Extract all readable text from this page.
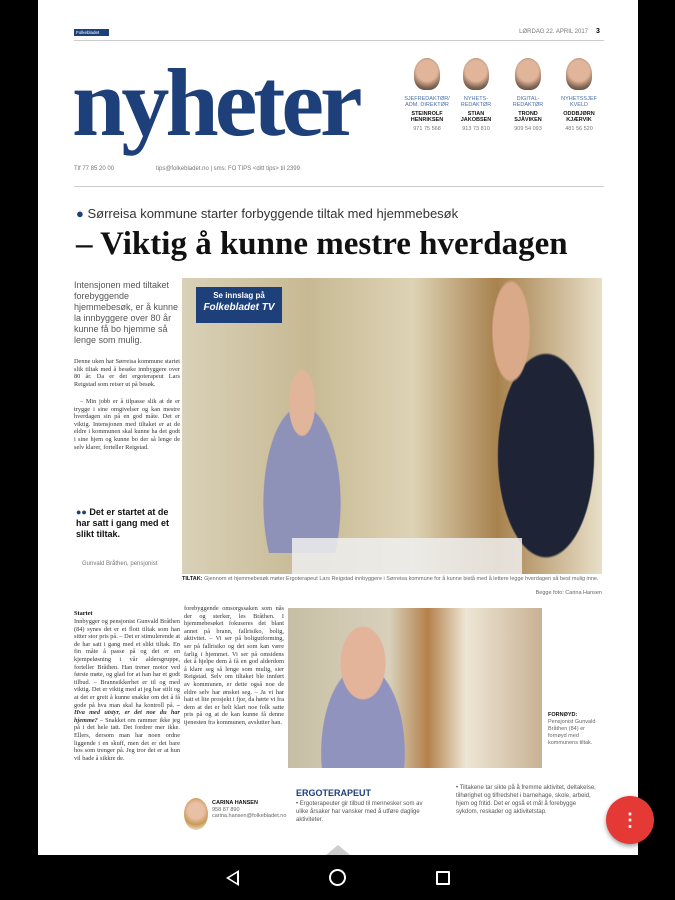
Folkebladet	LØRDAG 22. APRIL 2017 3
nyheter
Tlf 77 85 20 00	tips@folkebladet.no | sms: FO TIPS <ditt tips> til 2399
SJEFREDAKTØR/ ADM. DIREKTØR
STEINROLF HENRIKSEN
971 75 568
NYHETS- REDAKTØR
STIAN JAKOBSEN
913 73 810
DIGITAL- REDAKTØR
TROND SJÅVIKEN
909 54 093
NYHETSSJEF KVELD
ODDBJØRN KJÆRVIK
481 56 520
● Sørreisa kommune starter forbyggende tiltak med hjemmebesøk
– Viktig å kunne mestre hverdagen
Intensjonen med tiltaket forebyggende hjemmebesøk, er å kunne la innbyggere over 80 år kunne få bo hjemme så lenge som mulig.
Denne uken har Sørreisa kommune startet slik tiltak med å besøke innbyggere over 80 år. Da er det ergoterapeut Lars Reigstad som reiser ut på besøk.
– Min jobb er å tilpasse slik at de er trygge i sine omgivelser og kan mestre hverdagen sin på en god måte. Det er viktig. Intensjonen med tiltaket er at de eldre i kommunen skal kunne ha det godt i sine hjem og kunne bo der så lenge de selv klarer, forteller Reigstad.
●● Det er startet at de har satt i gang med et slikt tiltak.
Gunvald Bråthen, pensjonist
Se innslag på
Folkebladet TV
TILTAK: Gjennom et hjemmebesøk møter Ergoterapeut Lars Reigstad innbyggere i Sørreisa kommune for å kunne bistå med å lettere legge hverdagen så best mulig inne.
Begge foto: Carina Hansen
Startet
Innbygger og pensjonist Gunvald Bråthen (84) synes det er et flott tiltak som han sitter stor pris på. – Det er stimulerende at de har satt i gang med et slikt tiltak. En fin måte å passe på og det er en kjempeløsning i vår aldersgruppe, forteller Bråthen. Han trener motor ved første møte, og glad for at han har et godt tilbud. – Brannsikkerhet er til og med viktig. Det er viktig med at jeg har stilt og at det er greit å kunne snakke om det å få gode på hva man skal ha kontroll på. – Hva med utstyr, er det noe du har hjemme? – Snakket om rammer ikke jeg på i det hele tatt. Det fordrer mer ikke. Ellers, dersom man har noen ordne liggende i en skuff, men det er det bare hos som trenger på. Jeg tror det er at hun vil bade å sikkre de.
forebyggende omsorgssaken som nås der og sterker, les Bråthen. I hjemmebesøket fokuseres det blant annet på brann, fallrisiko, bolig, aktivitet. – Vi ser på boligutforming, ser på fallrisiko og det som kan være farlig i hjemmet. Vi ser på omsidens det å hjelpe dem å få en god alderdom å klare seg så lenge som mulig, sier Reigstad. Selv om tiltaket ble innført av kommunen, er dette også noe de eldre selv har ønsket seg. – Ja vi har hatt et lite prosjekt i fjor, da hørte vi fra dem at det er helt klart noe folk satte pris på og at de kan kunne få denne tjenesten fra kommunen, avslutter han.
CARINA HANSEN
958 87 890
carina.hansen@folkebladet.no
FORNØYD: Pensjonist Gunvald Bråthen (84) er fornøyd med kommunens tiltak.
ERGOTERAPEUT
• Ergoterapeuter gir tilbud til mennesker som av ulike årsaker har vansker med å utføre daglige aktiviteter.
• Tiltakene tar sikte på å fremme aktivitet, deltakelse, tilhørighet og tilfredshet i barnehage, skole, arbeid, hjem og fritid. Det er også et mål å forebygge sykdom, reskader og aktivitetstap.	⋮
